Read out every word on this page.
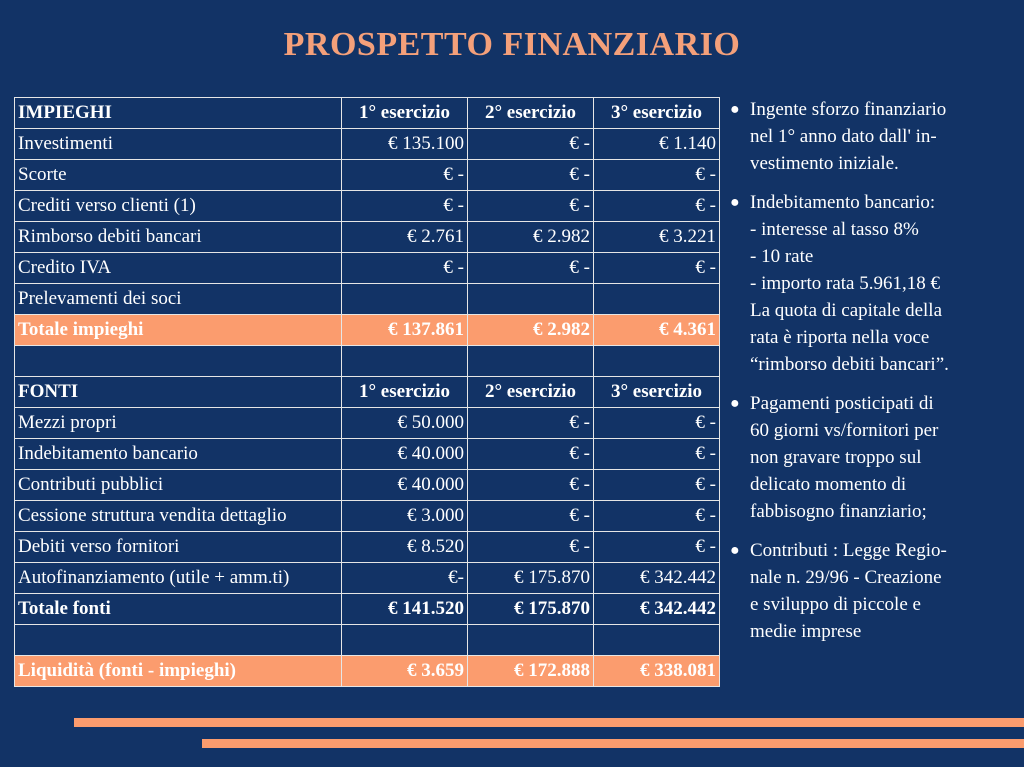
PROSPETTO FINANZIARIO
IMPIEGHI	1° esercizio	2° esercizio	3° esercizio
Investimenti	€ 135.100	€ -	€ 1.140
Scorte	€ -	€ -	€ -
Crediti verso clienti (1)	€ -	€ -	€ -
Rimborso debiti bancari	€ 2.761	€ 2.982	€ 3.221
Credito IVA	€ -	€ -	€ -
Prelevamenti dei soci			
Totale impieghi	€ 137.861	€ 2.982	€ 4.361

FONTI	1° esercizio	2° esercizio	3° esercizio
Mezzi propri	€ 50.000	€ -	€ -
Indebitamento bancario	€ 40.000	€ -	€ -
Contributi pubblici	€ 40.000	€ -	€ -
Cessione struttura vendita dettaglio	€ 3.000	€ -	€ -
Debiti verso fornitori	€ 8.520	€ -	€ -
Autofinanziamento (utile + amm.ti)	€-	€ 175.870	€ 342.442
Totale fonti	€ 141.520	€ 175.870	€ 342.442

Liquidità (fonti - impieghi)	€ 3.659	€ 172.888	€ 338.081
● Ingente sforzo finanziario
nel 1° anno dato dall' in-
vestimento iniziale.
● Indebitamento bancario:
- interesse al tasso 8%
- 10 rate
- importo rata 5.961,18 €
La quota di capitale della
rata è riporta nella voce
“rimborso debiti bancari”.
● Pagamenti posticipati di
60 giorni vs/fornitori per
non gravare troppo sul
delicato momento di
fabbisogno finanziario;
● Contributi : Legge Regio-
nale n. 29/96 - Creazione
e sviluppo di piccole e
medie imprese
